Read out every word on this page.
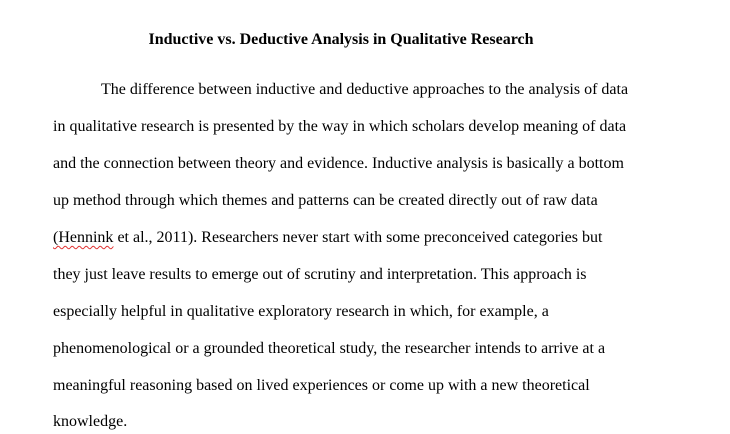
Inductive vs. Deductive Analysis in Qualitative Research
The difference between inductive and deductive approaches to the analysis of data
in qualitative research is presented by the way in which scholars develop meaning of data
and the connection between theory and evidence. Inductive analysis is basically a bottom
up method through which themes and patterns can be created directly out of raw data
(Hennink et al., 2011). Researchers never start with some preconceived categories but
they just leave results to emerge out of scrutiny and interpretation. This approach is
especially helpful in qualitative exploratory research in which, for example, a
phenomenological or a grounded theoretical study, the researcher intends to arrive at a
meaningful reasoning based on lived experiences or come up with a new theoretical
knowledge.
